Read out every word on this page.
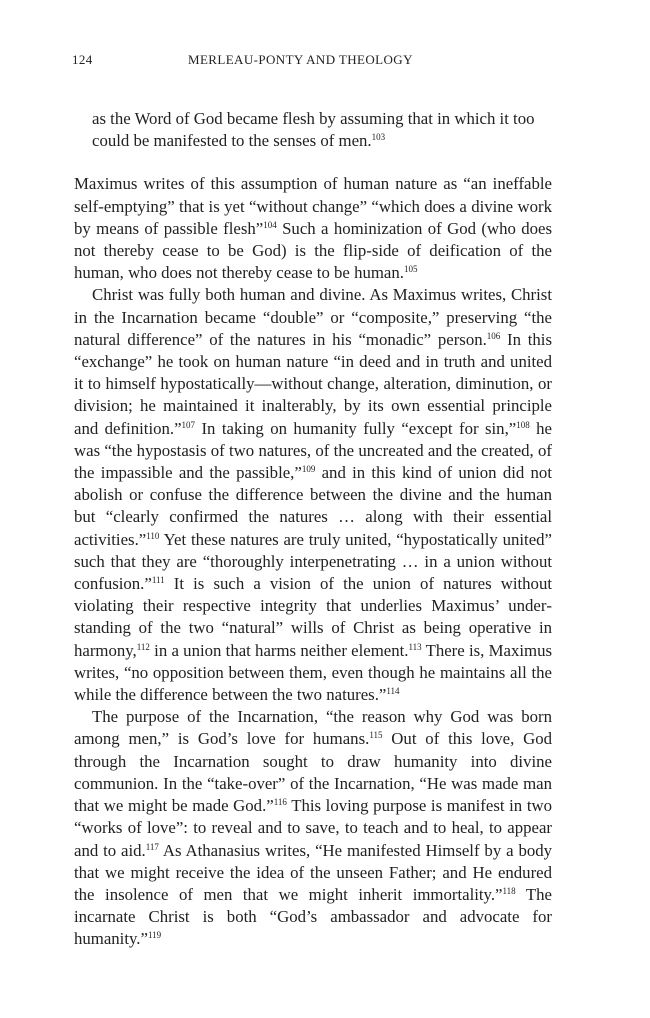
124	MERLEAU-PONTY AND THEOLOGY

as the Word of God became flesh by assuming that in which it too could be manifested to the senses of men.$^{103}$

Maximus writes of this assumption of human nature as “an ineffable self-emptying” that is yet “without change” “which does a divine work by means of passible flesh”$^{104}$ Such a hominization of God (who does not thereby cease to be God) is the flip-side of deification of the human, who does not thereby cease to be human.$^{105}$

Christ was fully both human and divine. As Maximus writes, Christ in the Incarnation became “double” or “composite,” preserving “the natural difference” of the natures in his “monadic” person.$^{106}$ In this “exchange” he took on human nature “in deed and in truth and united it to himself hypostatically—without change, alteration, diminution, or division; he maintained it inalterably, by its own essential principle and definition.”$^{107}$ In taking on humanity fully “except for sin,”$^{108}$ he was “the hypostasis of two natures, of the uncreated and the created, of the impassible and the passible,”$^{109}$ and in this kind of union did not abolish or confuse the difference between the divine and the human but “clearly confirmed the natures … along with their essential activities.”$^{110}$ Yet these natures are truly united, “hypostatically united” such that they are “thoroughly interpenetrating … in a union without confusion.”$^{111}$ It is such a vision of the union of natures without violating their respective integrity that underlies Maximus’ understanding of the two “natural” wills of Christ as being operative in harmony,$^{112}$ in a union that harms neither element.$^{113}$ There is, Maximus writes, “no opposition between them, even though he maintains all the while the difference between the two natures.”$^{114}$

The purpose of the Incarnation, “the reason why God was born among men,” is God’s love for humans.$^{115}$ Out of this love, God through the Incarnation sought to draw humanity into divine communion. In the “take-over” of the Incarnation, “He was made man that we might be made God.”$^{116}$ This loving purpose is manifest in two “works of love”: to reveal and to save, to teach and to heal, to appear and to aid.$^{117}$ As Athanasius writes, “He manifested Himself by a body that we might receive the idea of the unseen Father; and He endured the insolence of men that we might inherit immortality.”$^{118}$ The incarnate Christ is both “God’s ambassador and advocate for humanity.”$^{119}$
